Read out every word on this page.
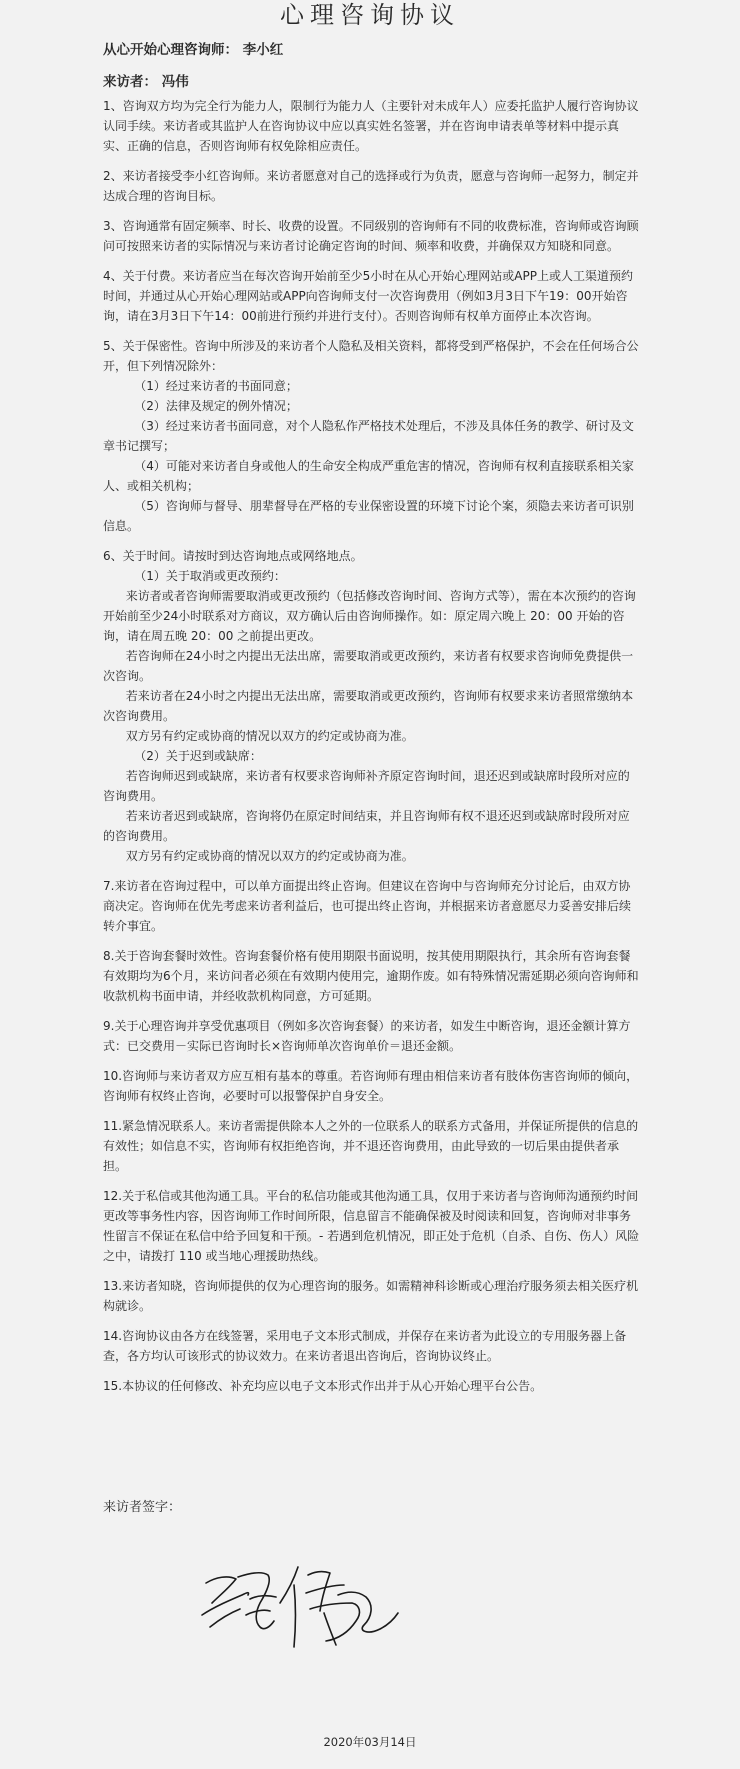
心理咨询协议
从心开始心理咨询师： 李小红
来访者： 冯伟

1、咨询双方均为完全行为能力人，限制行为能力人（主要针对未成年人）应委托监护人履行咨询协议认同手续。来访者或其监护人在咨询协议中应以真实姓名签署，并在咨询申请表单等材料中提示真实、正确的信息，否则咨询师有权免除相应责任。

2、来访者接受李小红咨询师。来访者愿意对自己的选择或行为负责，愿意与咨询师一起努力，制定并达成合理的咨询目标。

3、咨询通常有固定频率、时长、收费的设置。不同级别的咨询师有不同的收费标准，咨询师或咨询顾问可按照来访者的实际情况与来访者讨论确定咨询的时间、频率和收费，并确保双方知晓和同意。

4、关于付费。来访者应当在每次咨询开始前至少5小时在从心开始心理网站或APP上或人工渠道预约时间，并通过从心开始心理网站或APP向咨询师支付一次咨询费用（例如3月3日下午19：00开始咨询，请在3月3日下午14：00前进行预约并进行支付）。否则咨询师有权单方面停止本次咨询。

5、关于保密性。咨询中所涉及的来访者个人隐私及相关资料，都将受到严格保护，不会在任何场合公开，但下列情况除外：

（1）经过来访者的书面同意；

（2）法律及规定的例外情况；

（3）经过来访者书面同意，对个人隐私作严格技术处理后，不涉及具体任务的教学、研讨及文章书记撰写；

（4）可能对来访者自身或他人的生命安全构成严重危害的情况，咨询师有权利直接联系相关家人、或相关机构；

（5）咨询师与督导、朋辈督导在严格的专业保密设置的环境下讨论个案，须隐去来访者可识别信息。

6、关于时间。请按时到达咨询地点或网络地点。

（1）关于取消或更改预约：

来访者或者咨询师需要取消或更改预约（包括修改咨询时间、咨询方式等），需在本次预约的咨询开始前至少24小时联系对方商议，双方确认后由咨询师操作。如：原定周六晚上 20：00 开始的咨询，请在周五晚 20：00 之前提出更改。

若咨询师在24小时之内提出无法出席，需要取消或更改预约，来访者有权要求咨询师免费提供一次咨询。

若来访者在24小时之内提出无法出席，需要取消或更改预约，咨询师有权要求来访者照常缴纳本次咨询费用。

双方另有约定或协商的情况以双方的约定或协商为准。

（2）关于迟到或缺席：

若咨询师迟到或缺席，来访者有权要求咨询师补齐原定咨询时间，退还迟到或缺席时段所对应的咨询费用。

若来访者迟到或缺席，咨询将仍在原定时间结束，并且咨询师有权不退还迟到或缺席时段所对应的咨询费用。

双方另有约定或协商的情况以双方的约定或协商为准。

7.来访者在咨询过程中，可以单方面提出终止咨询。但建议在咨询中与咨询师充分讨论后，由双方协商决定。咨询师在优先考虑来访者利益后，也可提出终止咨询，并根据来访者意愿尽力妥善安排后续转介事宜。

8.关于咨询套餐时效性。咨询套餐价格有使用期限书面说明，按其使用期限执行，其余所有咨询套餐有效期均为6个月，来访问者必须在有效期内使用完，逾期作废。如有特殊情况需延期必须向咨询师和收款机构书面申请，并经收款机构同意，方可延期。

9.关于心理咨询并享受优惠项目（例如多次咨询套餐）的来访者，如发生中断咨询，退还金额计算方式：已交费用－实际已咨询时长×咨询师单次咨询单价＝退还金额。

10.咨询师与来访者双方应互相有基本的尊重。若咨询师有理由相信来访者有肢体伤害咨询师的倾向，咨询师有权终止咨询，必要时可以报警保护自身安全。

11.紧急情况联系人。来访者需提供除本人之外的一位联系人的联系方式备用，并保证所提供的信息的有效性；如信息不实，咨询师有权拒绝咨询，并不退还咨询费用，由此导致的一切后果由提供者承担。

12.关于私信或其他沟通工具。平台的私信功能或其他沟通工具，仅用于来访者与咨询师沟通预约时间更改等事务性内容，因咨询师工作时间所限，信息留言不能确保被及时阅读和回复，咨询师对非事务性留言不保证在私信中给予回复和干预。- 若遇到危机情况，即正处于危机（自杀、自伤、伤人）风险之中，请拨打 110 或当地心理援助热线。

13.来访者知晓，咨询师提供的仅为心理咨询的服务。如需精神科诊断或心理治疗服务须去相关医疗机构就诊。

14.咨询协议由各方在线签署，采用电子文本形式制成，并保存在来访者为此设立的专用服务器上备查，各方均认可该形式的协议效力。在来访者退出咨询后，咨询协议终止。

15.本协议的任何修改、补充均应以电子文本形式作出并于从心开始心理平台公告。

来访者签字：
2020年03月14日
